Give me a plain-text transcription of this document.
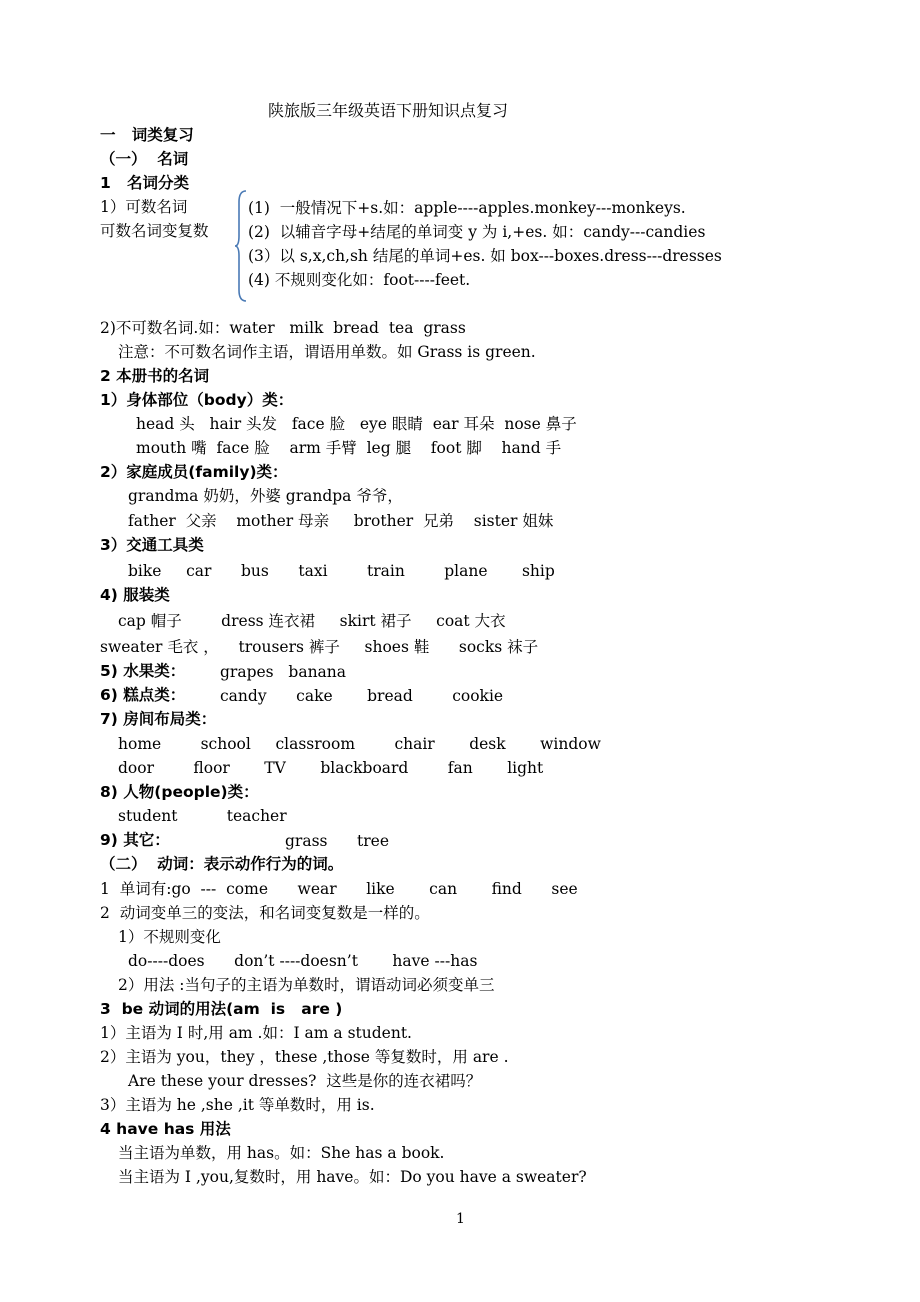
陕旅版三年级英语下册知识点复习
一   词类复习
（一）  名词
1   名词分类
1）可数名词	(1)  一般情况下+s.如：apple----apples.monkey---monkeys.
可数名词变复数	(2)  以辅音字母+结尾的单词变 y 为 i,+es. 如：candy---candies
(3）以 s,x,ch,sh 结尾的单词+es. 如 box---boxes.dress---dresses
(4) 不规则变化如：foot----feet.
2)不可数名词.如：water   milk  bread  tea  grass
注意：不可数名词作主语，谓语用单数。如 Grass is green.
2 本册书的名词
1）身体部位（body）类：
head 头   hair 头发   face 脸   eye 眼睛  ear 耳朵  nose 鼻子
mouth 嘴  face 脸    arm 手臂  leg 腿    foot 脚    hand 手
2）家庭成员(family)类：
grandma 奶奶，外婆 grandpa 爷爷，
father  父亲    mother 母亲     brother  兄弟    sister 姐妹
3）交通工具类
bike     car      bus      taxi        train        plane       ship
4) 服装类
cap 帽子        dress 连衣裙     skirt 裙子     coat 大衣
sweater 毛衣 ，    trousers 裤子     shoes 鞋      socks 袜子
5) 水果类： grapes   banana
6) 糕点类： candy      cake       bread        cookie
7) 房间布局类：
home        school     classroom        chair       desk       window
door        floor       TV       blackboard        fan       light
8) 人物(people)类：
student          teacher
9) 其它：	grass      tree
（二）  动词：表示动作行为的词。
1  单词有:go  ---  come      wear      like       can       find      see
2  动词变单三的变法，和名词变复数是一样的。
1）不规则变化
do----does      don’t ----doesn’t       have ---has
2）用法 :当句子的主语为单数时，谓语动词必须变单三
3  be 动词的用法(am  is   are )
1）主语为 I 时,用 am .如：I am a student.
2）主语为 you，they ，these ,those 等复数时，用 are .
Are these your dresses?  这些是你的连衣裙吗？
3）主语为 he ,she ,it 等单数时，用 is.
4 have has 用法
当主语为单数，用 has。如：She has a book.
当主语为 I ,you,复数时，用 have。如：Do you have a sweater?
1
